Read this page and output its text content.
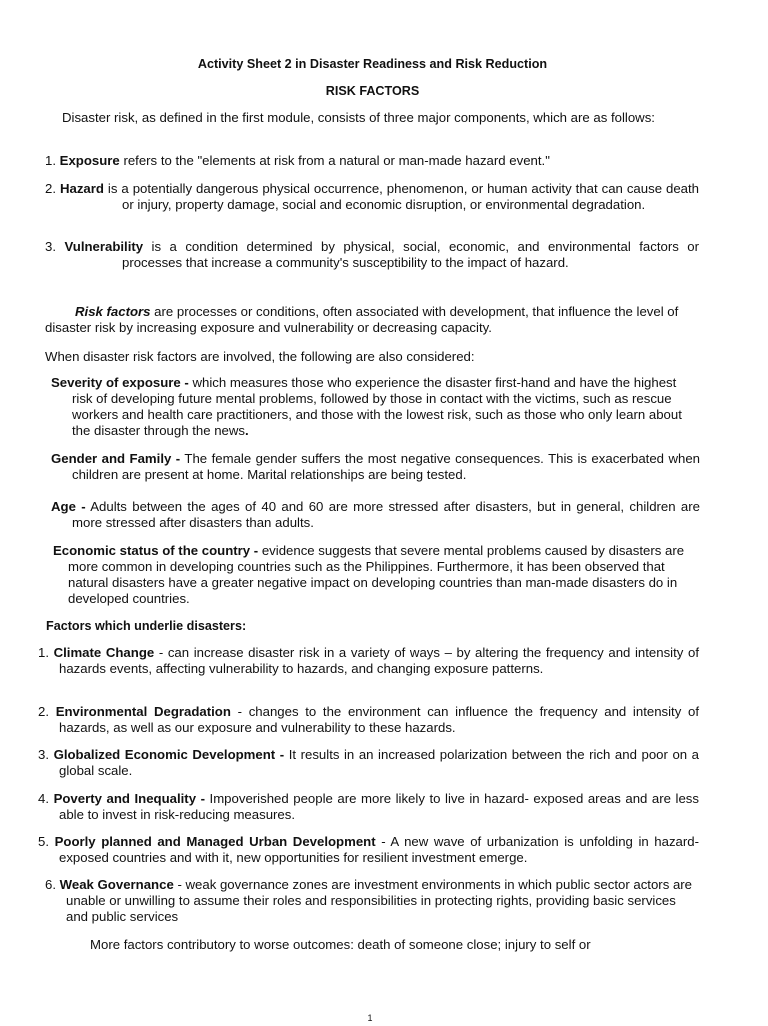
Activity Sheet 2 in Disaster Readiness and Risk Reduction

RISK FACTORS

Disaster risk, as defined in the first module, consists of three major components, which are as follows:

1. Exposure refers to the "elements at risk from a natural or man-made hazard event."

2. Hazard is a potentially dangerous physical occurrence, phenomenon, or human activity that can cause death or injury, property damage, social and economic disruption, or environmental degradation.

3. Vulnerability is a condition determined by physical, social, economic, and environmental factors or processes that increase a community's susceptibility to the impact of hazard.

Risk factors are processes or conditions, often associated with development, that influence the level of disaster risk by increasing exposure and vulnerability or decreasing capacity.

When disaster risk factors are involved, the following are also considered:

Severity of exposure - which measures those who experience the disaster first-hand and have the highest risk of developing future mental problems, followed by those in contact with the victims, such as rescue workers and health care practitioners, and those with the lowest risk, such as those who only learn about the disaster through the news.

Gender and Family - The female gender suffers the most negative consequences. This is exacerbated when children are present at home. Marital relationships are being tested.

Age - Adults between the ages of 40 and 60 are more stressed after disasters, but in general, children are more stressed after disasters than adults.

Economic status of the country - evidence suggests that severe mental problems caused by disasters are more common in developing countries such as the Philippines. Furthermore, it has been observed that natural disasters have a greater negative impact on developing countries than man-made disasters do in developed countries.

Factors which underlie disasters:

1. Climate Change - can increase disaster risk in a variety of ways – by altering the frequency and intensity of hazards events, affecting vulnerability to hazards, and changing exposure patterns.

2. Environmental Degradation - changes to the environment can influence the frequency and intensity of hazards, as well as our exposure and vulnerability to these hazards.

3. Globalized Economic Development - It results in an increased polarization between the rich and poor on a global scale.

4. Poverty and Inequality - Impoverished people are more likely to live in hazard- exposed areas and are less able to invest in risk-reducing measures.

5. Poorly planned and Managed Urban Development - A new wave of urbanization is unfolding in hazard-exposed countries and with it, new opportunities for resilient investment emerge.

6. Weak Governance - weak governance zones are investment environments in which public sector actors are unable or unwilling to assume their roles and responsibilities in protecting rights, providing basic services and public services

More factors contributory to worse outcomes: death of someone close; injury to self or

1
